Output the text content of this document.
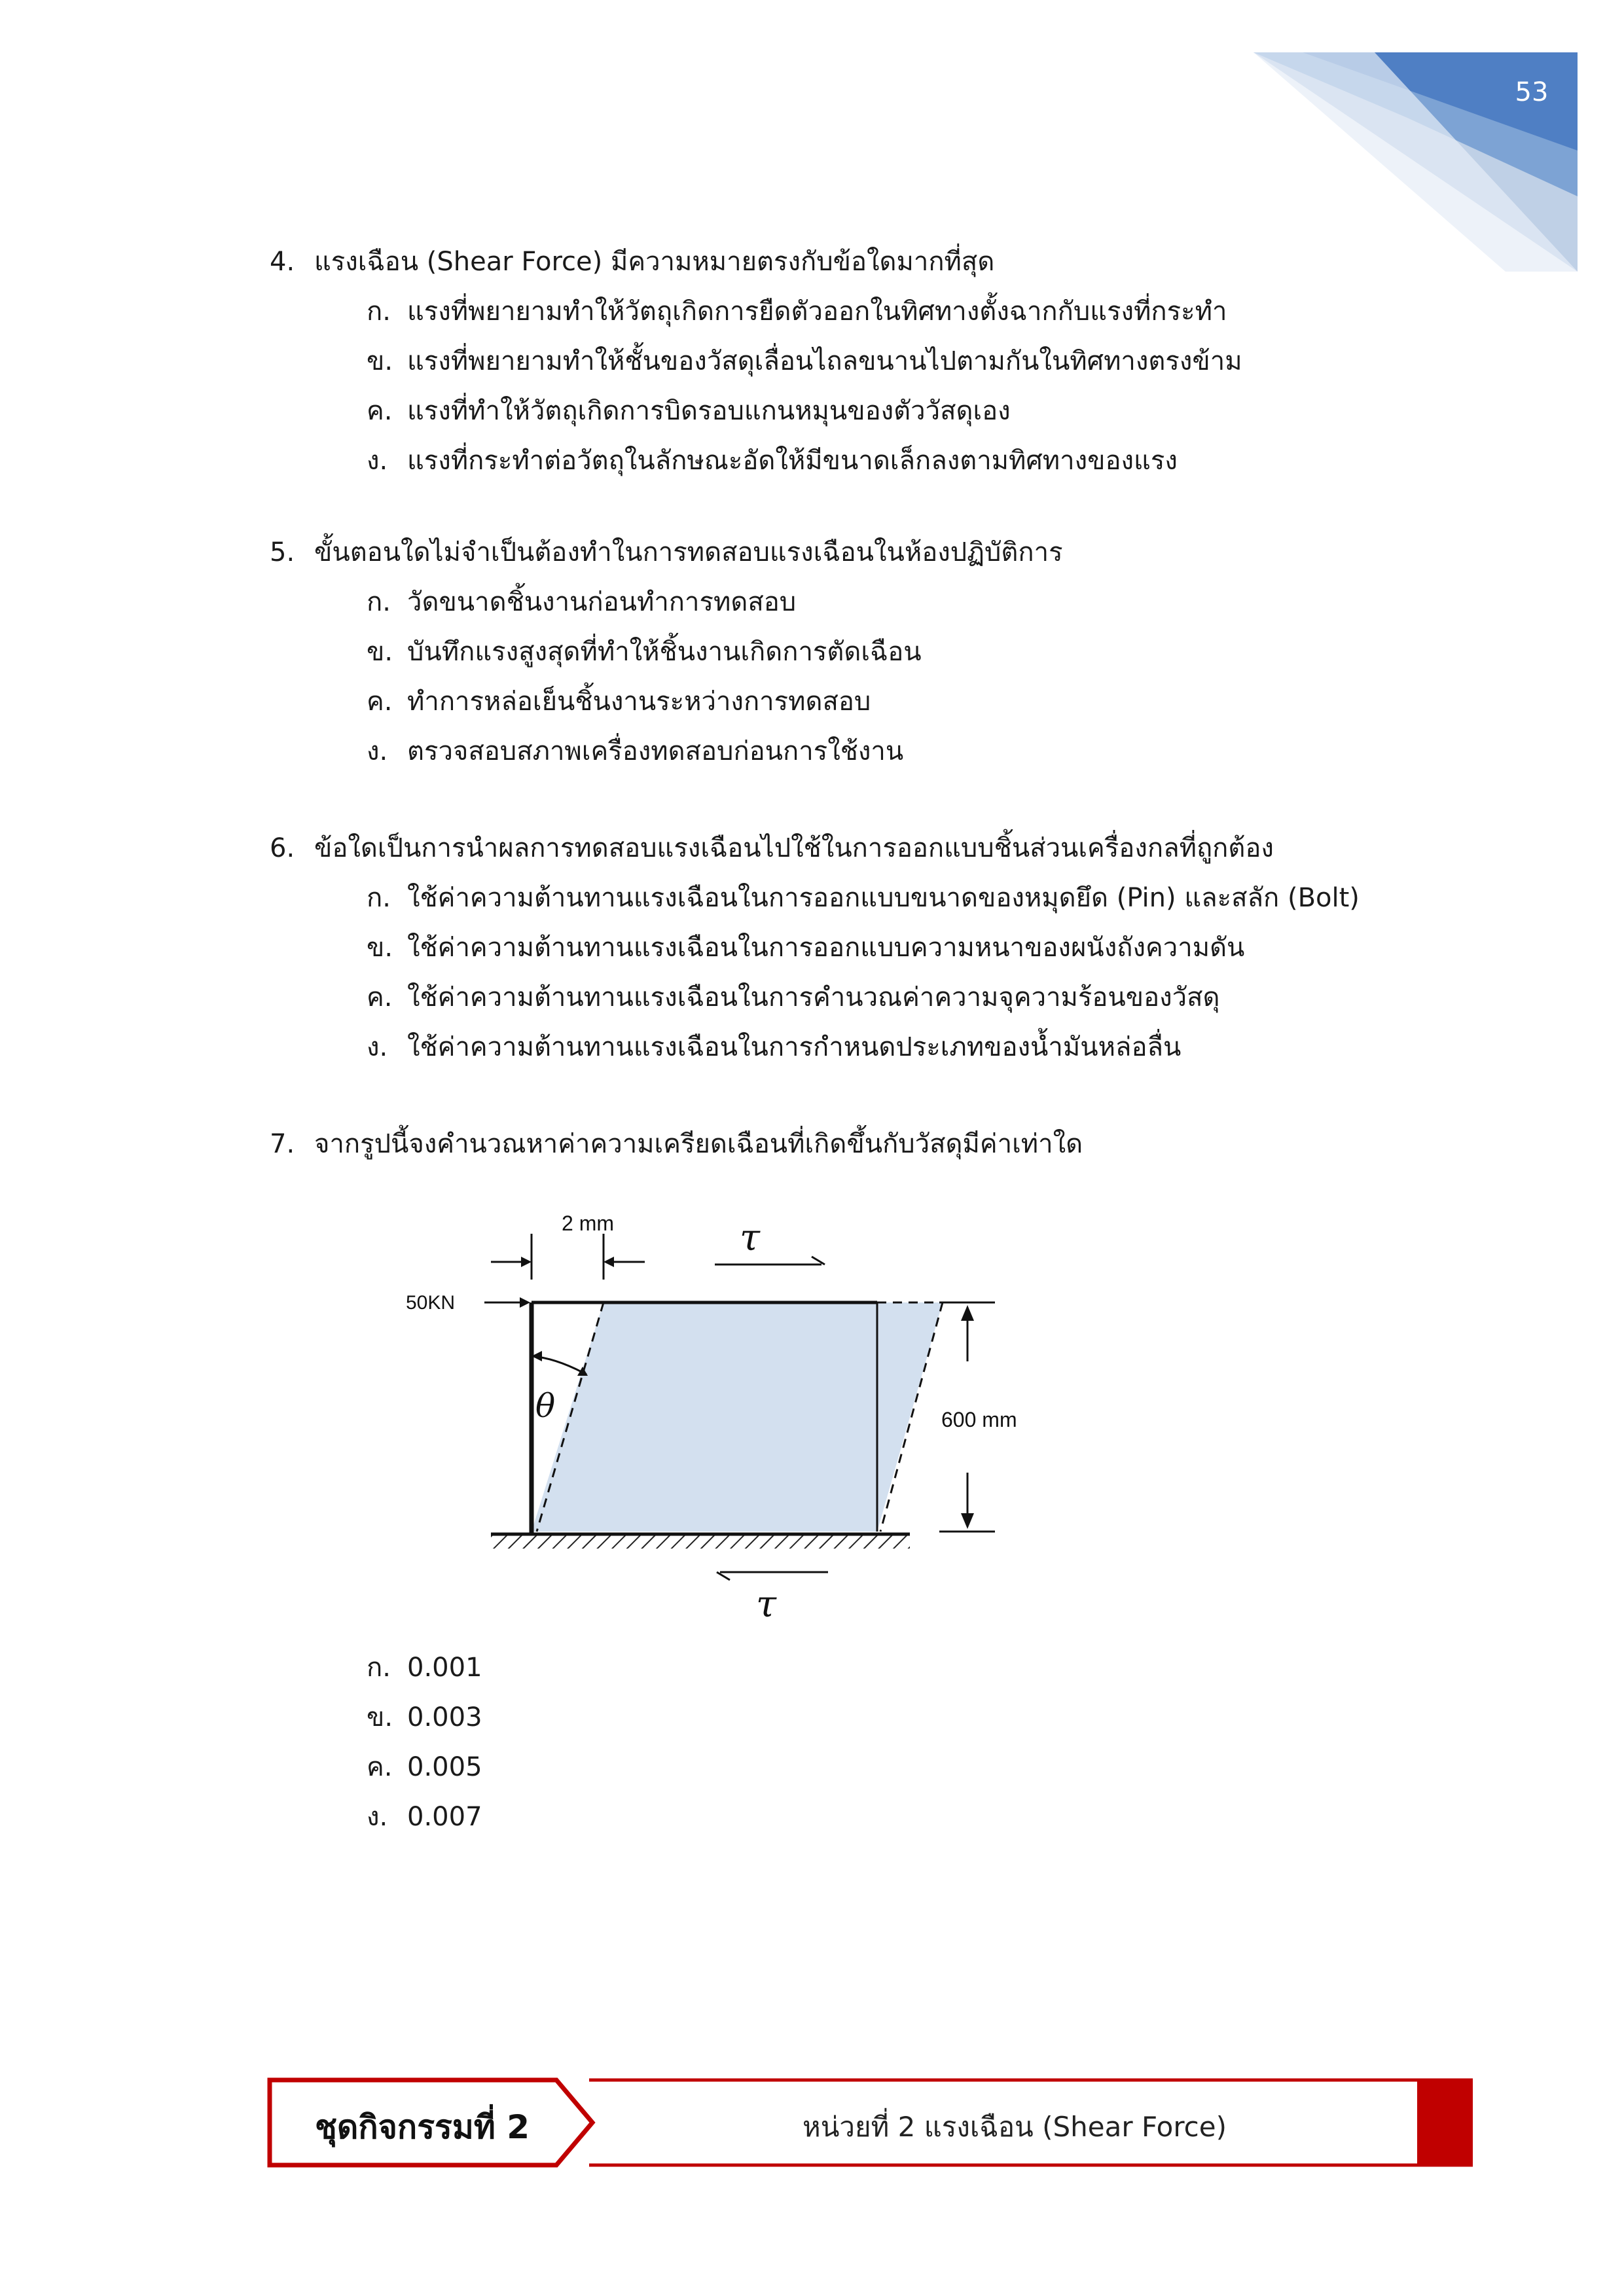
53
4. แรงเฉือน (Shear Force) มีความหมายตรงกับข้อใดมากที่สุด
ก. แรงที่พยายามทำให้วัตถุเกิดการยืดตัวออกในทิศทางตั้งฉากกับแรงที่กระทำ
ข. แรงที่พยายามทำให้ชั้นของวัสดุเลื่อนไถลขนานไปตามกันในทิศทางตรงข้าม
ค. แรงที่ทำให้วัตถุเกิดการบิดรอบแกนหมุนของตัววัสดุเอง
ง. แรงที่กระทำต่อวัตถุในลักษณะอัดให้มีขนาดเล็กลงตามทิศทางของแรง
5. ขั้นตอนใดไม่จำเป็นต้องทำในการทดสอบแรงเฉือนในห้องปฏิบัติการ
ก. วัดขนาดชิ้นงานก่อนทำการทดสอบ
ข. บันทึกแรงสูงสุดที่ทำให้ชิ้นงานเกิดการตัดเฉือน
ค. ทำการหล่อเย็นชิ้นงานระหว่างการทดสอบ
ง. ตรวจสอบสภาพเครื่องทดสอบก่อนการใช้งาน
6. ข้อใดเป็นการนำผลการทดสอบแรงเฉือนไปใช้ในการออกแบบชิ้นส่วนเครื่องกลที่ถูกต้อง
ก. ใช้ค่าความต้านทานแรงเฉือนในการออกแบบขนาดของหมุดยึด (Pin) และสลัก (Bolt)
ข. ใช้ค่าความต้านทานแรงเฉือนในการออกแบบความหนาของผนังถังความดัน
ค. ใช้ค่าความต้านทานแรงเฉือนในการคำนวณค่าความจุความร้อนของวัสดุ
ง. ใช้ค่าความต้านทานแรงเฉือนในการกำหนดประเภทของน้ำมันหล่อลื่น
7. จากรูปนี้จงคำนวณหาค่าความเครียดเฉือนที่เกิดขึ้นกับวัสดุมีค่าเท่าใด
2 mm	τ
50KN
θ	600 mm
τ
ก. 0.001
ข. 0.003
ค. 0.005
ง. 0.007
ชุดกิจกรรมที่ 2	หน่วยที่ 2 แรงเฉือน (Shear Force)
